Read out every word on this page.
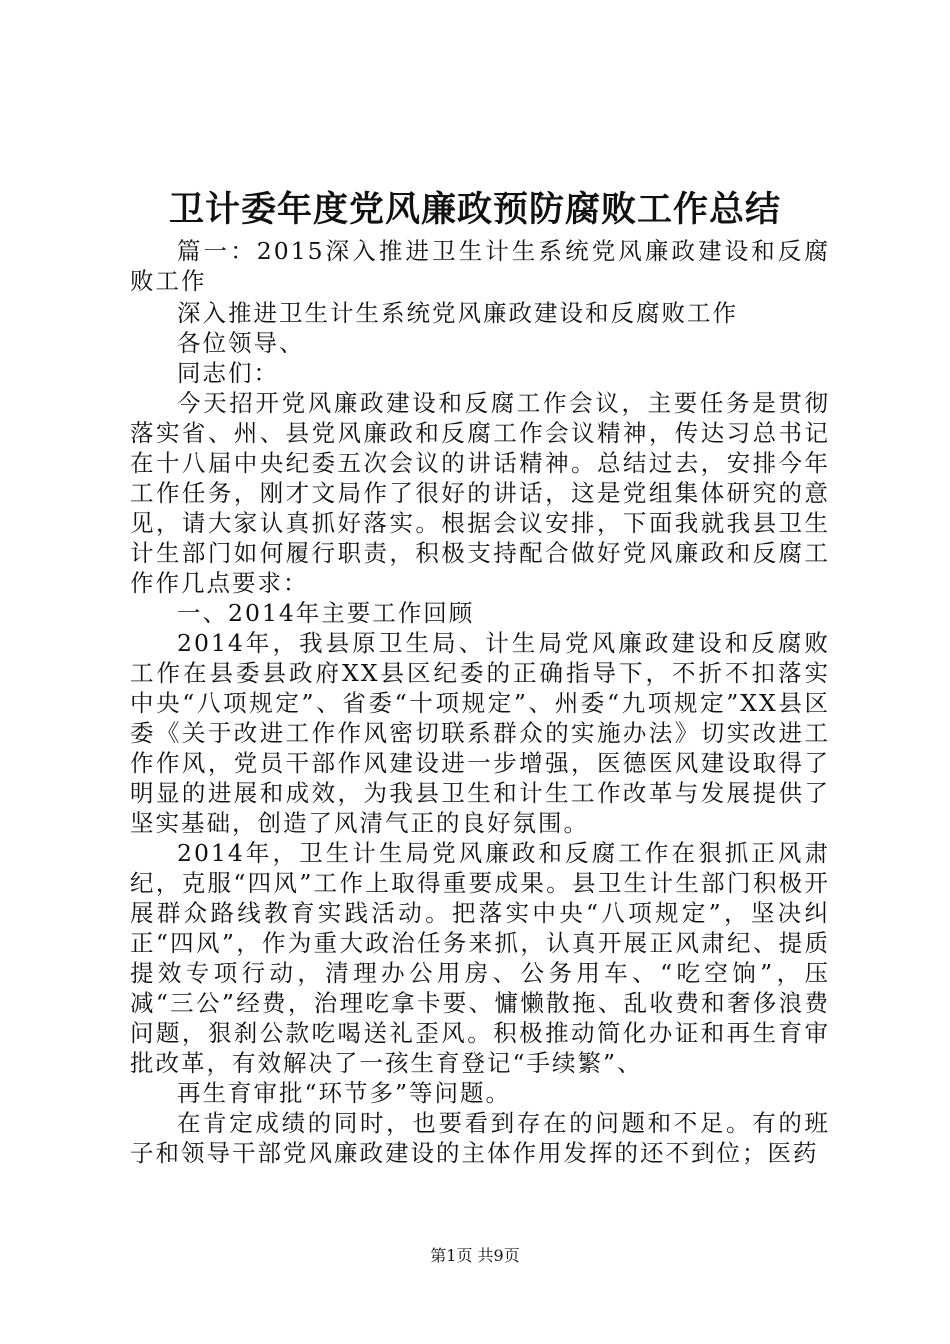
卫计委年度党风廉政预防腐败工作总结

篇一：2015深入推进卫生计生系统党风廉政建设和反腐败工作

深入推进卫生计生系统党风廉政建设和反腐败工作

各位领导、

同志们：

今天招开党风廉政建设和反腐工作会议，主要任务是贯彻落实省、州、县党风廉政和反腐工作会议精神，传达习总书记在十八届中央纪委五次会议的讲话精神。总结过去，安排今年工作任务，刚才文局作了很好的讲话，这是党组集体研究的意见，请大家认真抓好落实。根据会议安排，下面我就我县卫生计生部门如何履行职责，积极支持配合做好党风廉政和反腐工作作几点要求：

一、2014年主要工作回顾

2014年，我县原卫生局、计生局党风廉政建设和反腐败工作在县委县政府XX县区纪委的正确指导下，不折不扣落实中央“八项规定”、省委“十项规定”、州委“九项规定”XX县区委《关于改进工作作风密切联系群众的实施办法》切实改进工作作风，党员干部作风建设进一步增强，医德医风建设取得了明显的进展和成效，为我县卫生和计生工作改革与发展提供了坚实基础，创造了风清气正的良好氛围。

2014年，卫生计生局党风廉政和反腐工作在狠抓正风肃纪，克服“四风”工作上取得重要成果。县卫生计生部门积极开展群众路线教育实践活动。把落实中央“八项规定”，坚决纠正“四风”，作为重大政治任务来抓，认真开展正风肃纪、提质提效专项行动，清理办公用房、公务用车、“吃空饷”，压减“三公”经费，治理吃拿卡要、慵懒散拖、乱收费和奢侈浪费问题，狠刹公款吃喝送礼歪风。积极推动简化办证和再生育审批改革，有效解决了一孩生育登记“手续繁”、

再生育审批“环节多”等问题。

在肯定成绩的同时，也要看到存在的问题和不足。有的班子和领导干部党风廉政建设的主体作用发挥的还不到位；医药

第1页 共9页
